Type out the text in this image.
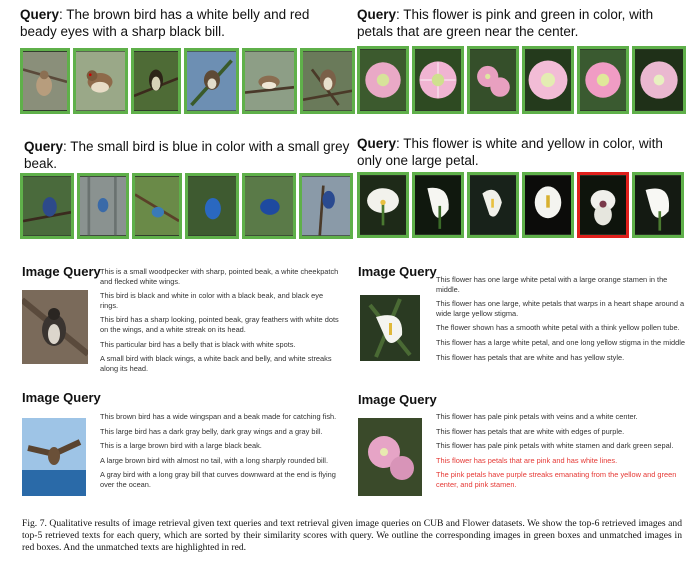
Query: The brown bird has a white belly and red beady eyes with a sharp black bill.
Query: This flower is pink and green in color, with petals that are green near the center.
Query: The small bird is blue in color with a small grey beak.
Query: This flower is white and yellow in color, with only one large petal.
Image Query This is a small woodpecker with sharp, pointed beak, a white cheekpatch and flecked white wings.

This bird is black and white in color with a black beak, and black eye rings.

This bird has a sharp looking, pointed beak, gray feathers with white dots on the wings, and a white streak on its head.

This particular bird has a belly that is black with white spots.

A small bird with black wings, a white back and belly, and white streaks along its head.

Image Query

This flower has one large white petal with a large orange stamen in the middle.

This flower has one large, white petals that warps in a heart shape around a wide large yellow stigma.

The flower shown has a smooth white petal with a think yellow pollen tube.

This flower has a large white petal, and one long yellow stigma in the middle

This flower has petals that are white and has yellow style.

Image Query

This brown bird has a wide wingspan and a beak made for catching fish.

This large bird has a dark gray belly, dark gray wings and a gray bill.

This is a large brown bird with a large black beak.

A large brown bird with almost no tail, with a long sharply rounded bill.

A gray bird with a long gray bill that curves downward at the end is flying over the ocean.

Image Query

This flower has pale pink petals with veins and a white center.

This flower has petals that are white with edges of purple.

This flower has pale pink petals with white stamen and dark green sepal.

This flower has petals that are pink and has white lines.

The pink petals have purple streaks emanating from the yellow and green center, and pink stamen.

Fig. 7. Qualitative results of image retrieval given text queries and text retrieval given image queries on CUB and Flower datasets. We show the top-6 retrieved images and top-5 retrieved texts for each query, which are sorted by their similarity scores with query. We outline the corresponding images in green boxes and unmatched images in red boxes. And the unmatched texts are highlighted in red.
